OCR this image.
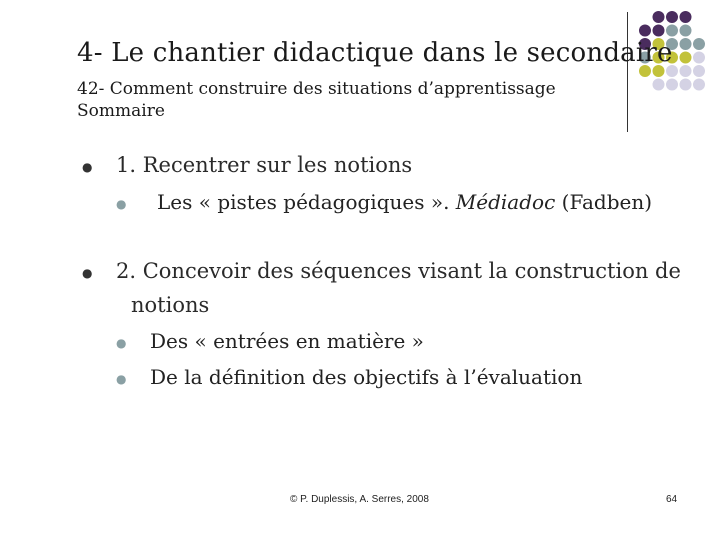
4- Le chantier didactique dans le secondaire
42- Comment construire des situations d’apprentissage
Sommaire
● 1. Recentrer sur les notions
● Les « pistes pédagogiques ». Médiadoc (Fadben)
● 2. Concevoir des séquences visant la construction de
notions
● Des « entrées en matière »
● De la définition des objectifs à l’évaluation
© P. Duplessis, A. Serres, 2008	64
